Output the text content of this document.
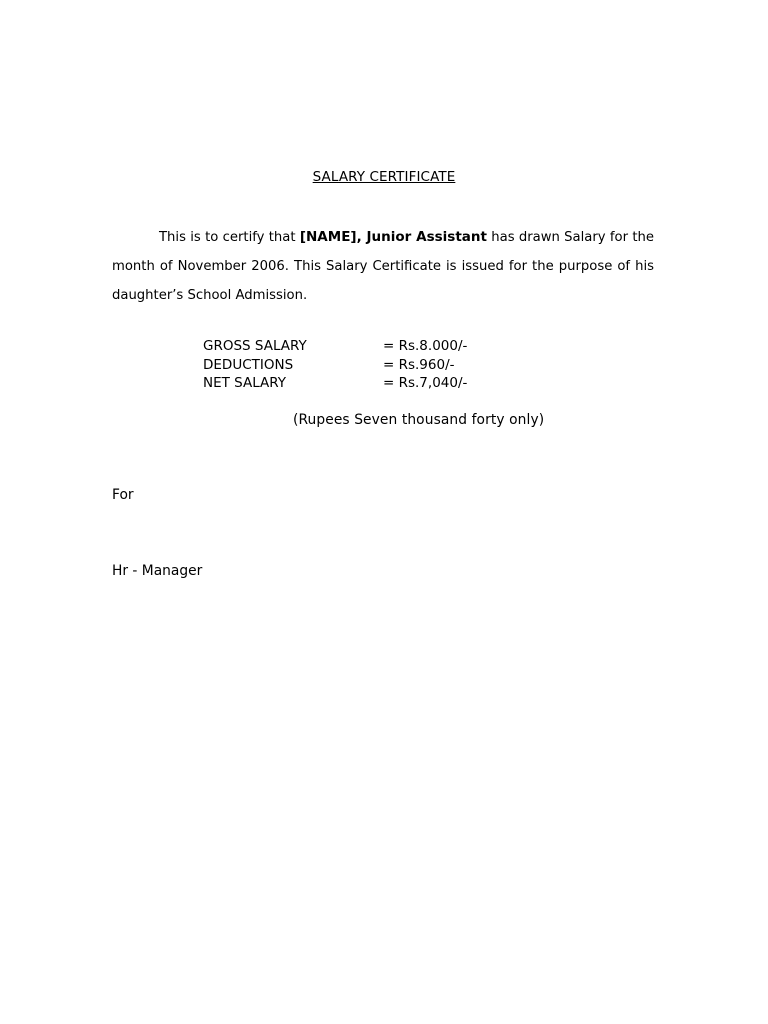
SALARY CERTIFICATE
This is to certify that [NAME], Junior Assistant has drawn Salary for the month of November 2006. This Salary Certificate is issued for the purpose of his daughter’s School Admission.
GROSS SALARY	= Rs.8.000/-
DEDUCTIONS	= Rs.960/-
NET SALARY	= Rs.7,040/-
(Rupees Seven thousand forty only)
For
Hr - Manager
